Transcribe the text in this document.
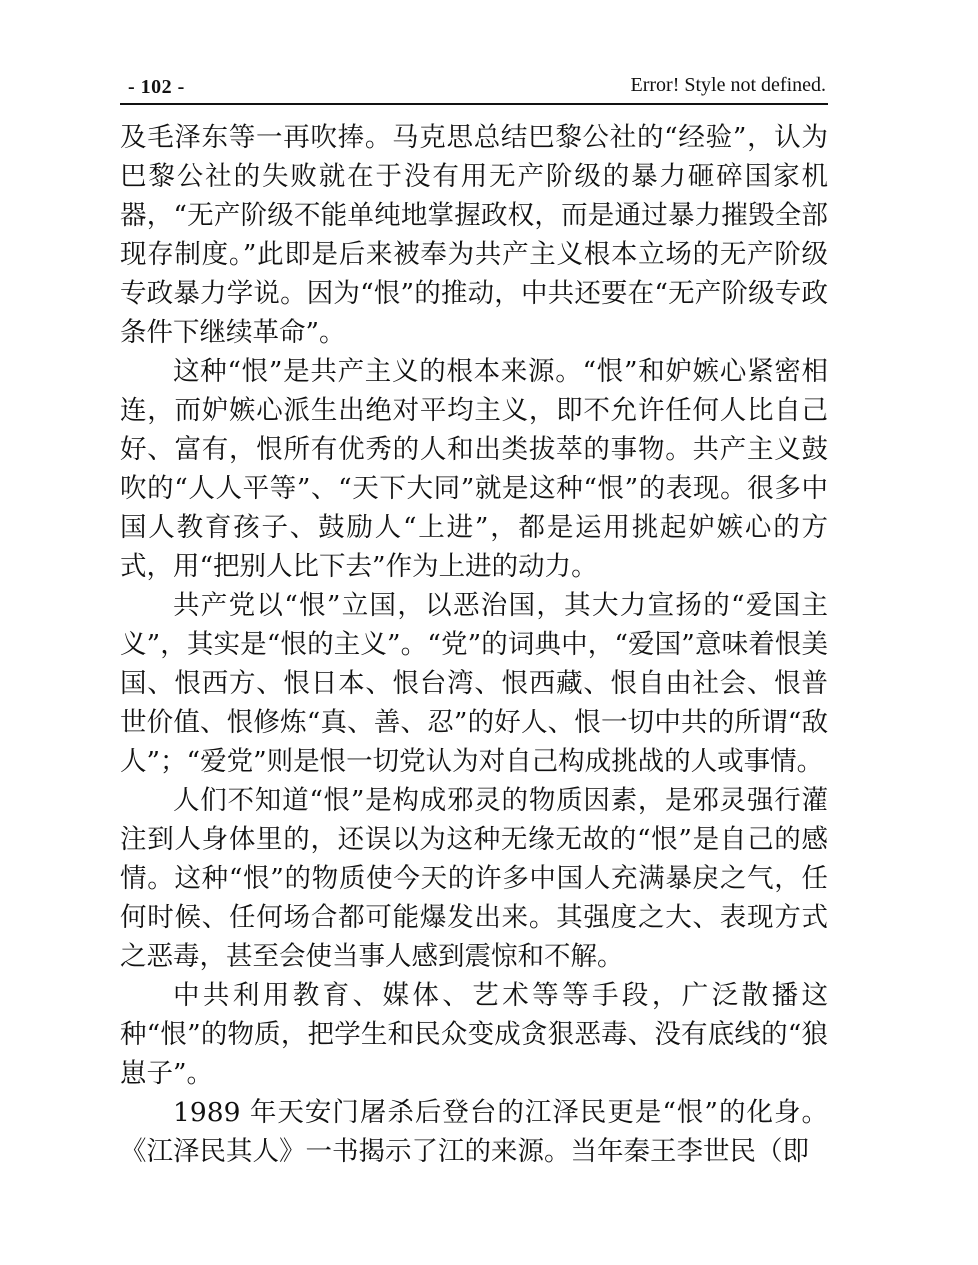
- 102 -	Error! Style not defined.

及毛泽东等一再吹捧。马克思总结巴黎公社的“经验”，认为巴黎公社的失败就在于没有用无产阶级的暴力砸碎国家机器，“无产阶级不能单纯地掌握政权，而是通过暴力摧毁全部现存制度。”此即是后来被奉为共产主义根本立场的无产阶级专政暴力学说。因为“恨”的推动，中共还要在“无产阶级专政条件下继续革命”。

这种“恨”是共产主义的根本来源。“恨”和妒嫉心紧密相连，而妒嫉心派生出绝对平均主义，即不允许任何人比自己好、富有，恨所有优秀的人和出类拔萃的事物。共产主义鼓吹的“人人平等”、“天下大同”就是这种“恨”的表现。很多中国人教育孩子、鼓励人“上进”，都是运用挑起妒嫉心的方式，用“把别人比下去”作为上进的动力。

共产党以“恨”立国，以恶治国，其大力宣扬的“爱国主义”，其实是“恨的主义”。“党”的词典中，“爱国”意味着恨美国、恨西方、恨日本、恨台湾、恨西藏、恨自由社会、恨普世价值、恨修炼“真、善、忍”的好人、恨一切中共的所谓“敌人”；“爱党”则是恨一切党认为对自己构成挑战的人或事情。

人们不知道“恨”是构成邪灵的物质因素，是邪灵强行灌注到人身体里的，还误以为这种无缘无故的“恨”是自己的感情。这种“恨”的物质使今天的许多中国人充满暴戾之气，任何时候、任何场合都可能爆发出来。其强度之大、表现方式之恶毒，甚至会使当事人感到震惊和不解。

中共利用教育、媒体、艺术等等手段，广泛散播这种“恨”的物质，把学生和民众变成贪狠恶毒、没有底线的“狼崽子”。

1989 年天安门屠杀后登台的江泽民更是“恨”的化身。《江泽民其人》一书揭示了江的来源。当年秦王李世民（即
